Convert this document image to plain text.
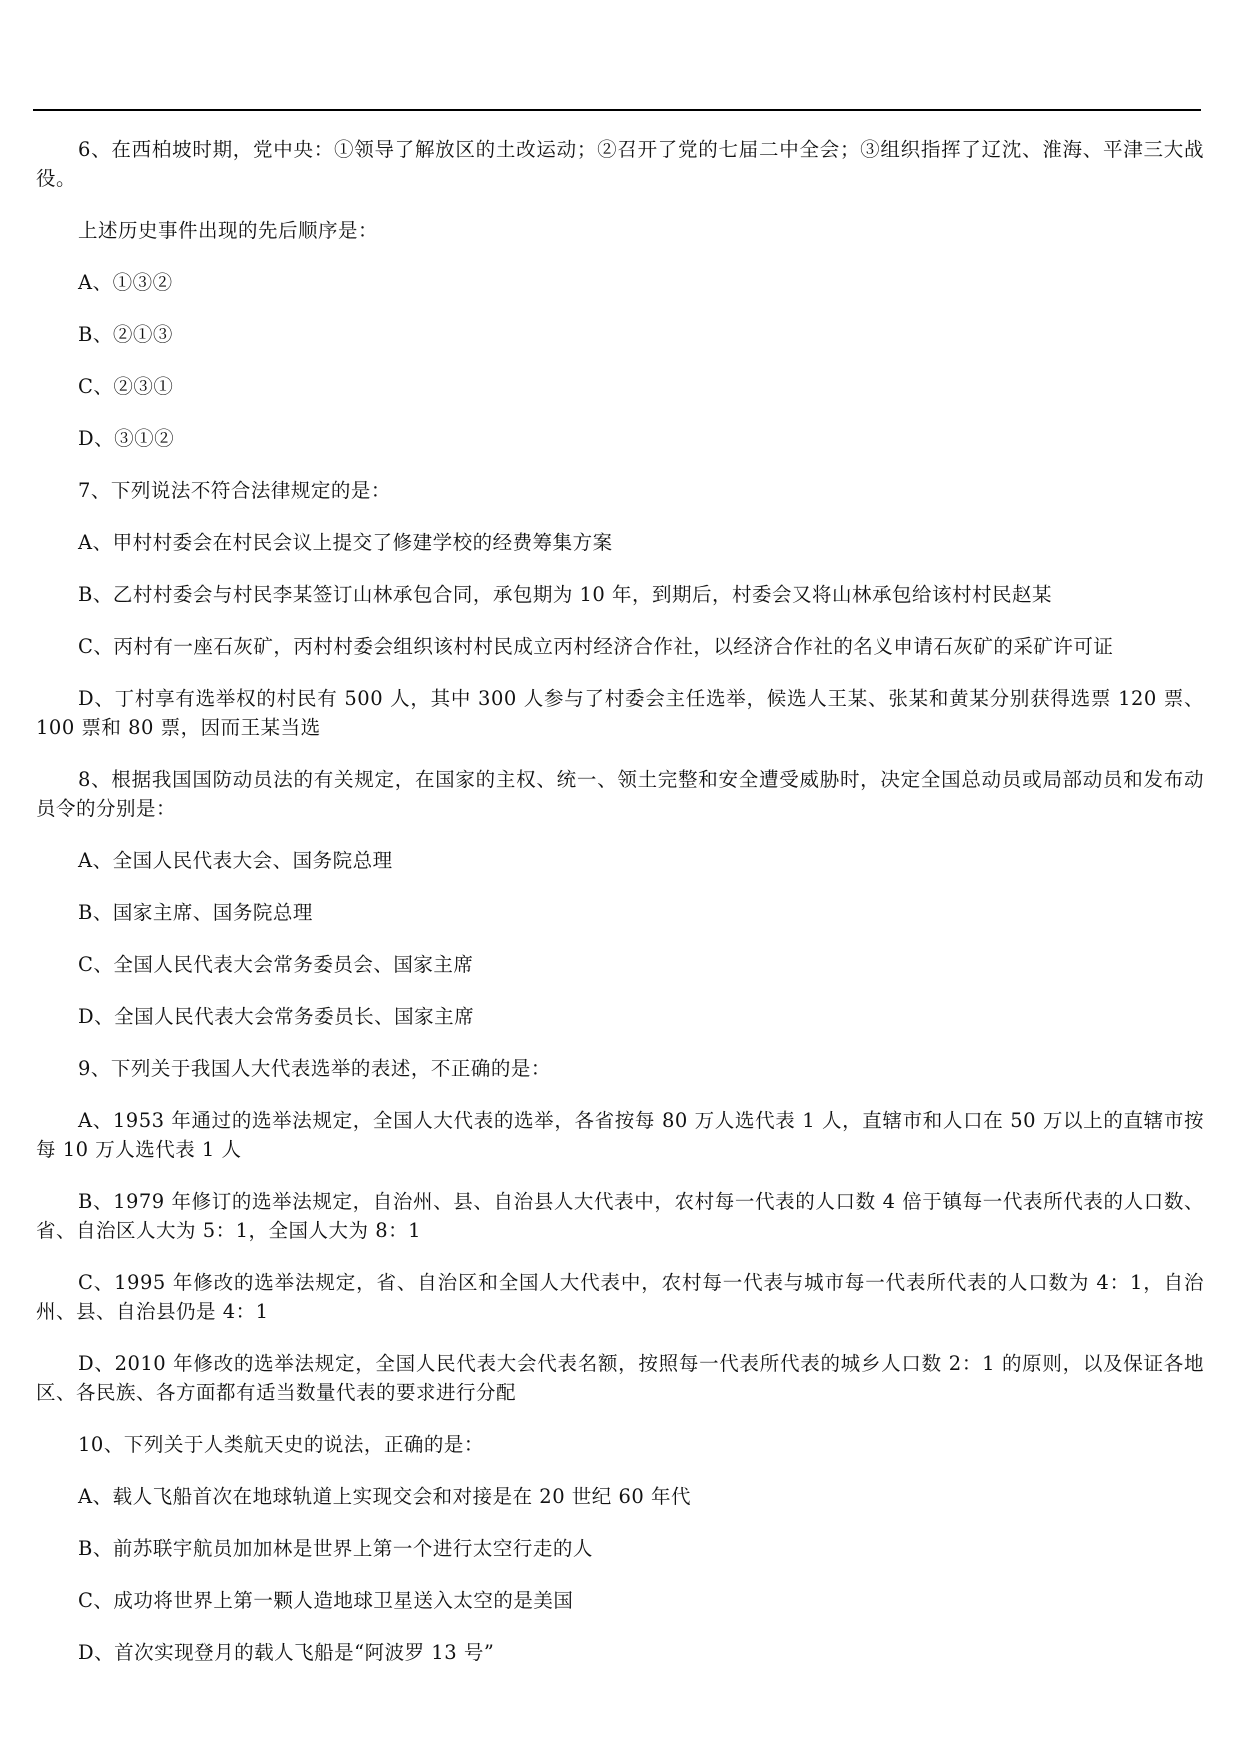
6、在西柏坡时期，党中央：①领导了解放区的土改运动；②召开了党的七届二中全会；③组织指挥了辽沈、淮海、平津三大战役。

上述历史事件出现的先后顺序是：

A、①③②

B、②①③

C、②③①

D、③①②

7、下列说法不符合法律规定的是：

A、甲村村委会在村民会议上提交了修建学校的经费筹集方案

B、乙村村委会与村民李某签订山林承包合同，承包期为 10 年，到期后，村委会又将山林承包给该村村民赵某

C、丙村有一座石灰矿，丙村村委会组织该村村民成立丙村经济合作社，以经济合作社的名义申请石灰矿的采矿许可证

D、丁村享有选举权的村民有 500 人，其中 300 人参与了村委会主任选举，候选人王某、张某和黄某分别获得选票 120 票、100 票和 80 票，因而王某当选

8、根据我国国防动员法的有关规定，在国家的主权、统一、领土完整和安全遭受威胁时，决定全国总动员或局部动员和发布动员令的分别是：

A、全国人民代表大会、国务院总理

B、国家主席、国务院总理

C、全国人民代表大会常务委员会、国家主席

D、全国人民代表大会常务委员长、国家主席

9、下列关于我国人大代表选举的表述，不正确的是：

A、1953 年通过的选举法规定，全国人大代表的选举，各省按每 80 万人选代表 1 人，直辖市和人口在 50 万以上的直辖市按每 10 万人选代表 1 人

B、1979 年修订的选举法规定，自治州、县、自治县人大代表中，农村每一代表的人口数 4 倍于镇每一代表所代表的人口数、省、自治区人大为 5：1，全国人大为 8：1

C、1995 年修改的选举法规定，省、自治区和全国人大代表中，农村每一代表与城市每一代表所代表的人口数为 4：1，自治州、县、自治县仍是 4：1

D、2010 年修改的选举法规定，全国人民代表大会代表名额，按照每一代表所代表的城乡人口数 2：1 的原则，以及保证各地区、各民族、各方面都有适当数量代表的要求进行分配

10、下列关于人类航天史的说法，正确的是：

A、载人飞船首次在地球轨道上实现交会和对接是在 20 世纪 60 年代

B、前苏联宇航员加加林是世界上第一个进行太空行走的人

C、成功将世界上第一颗人造地球卫星送入太空的是美国

D、首次实现登月的载人飞船是“阿波罗 13 号”
